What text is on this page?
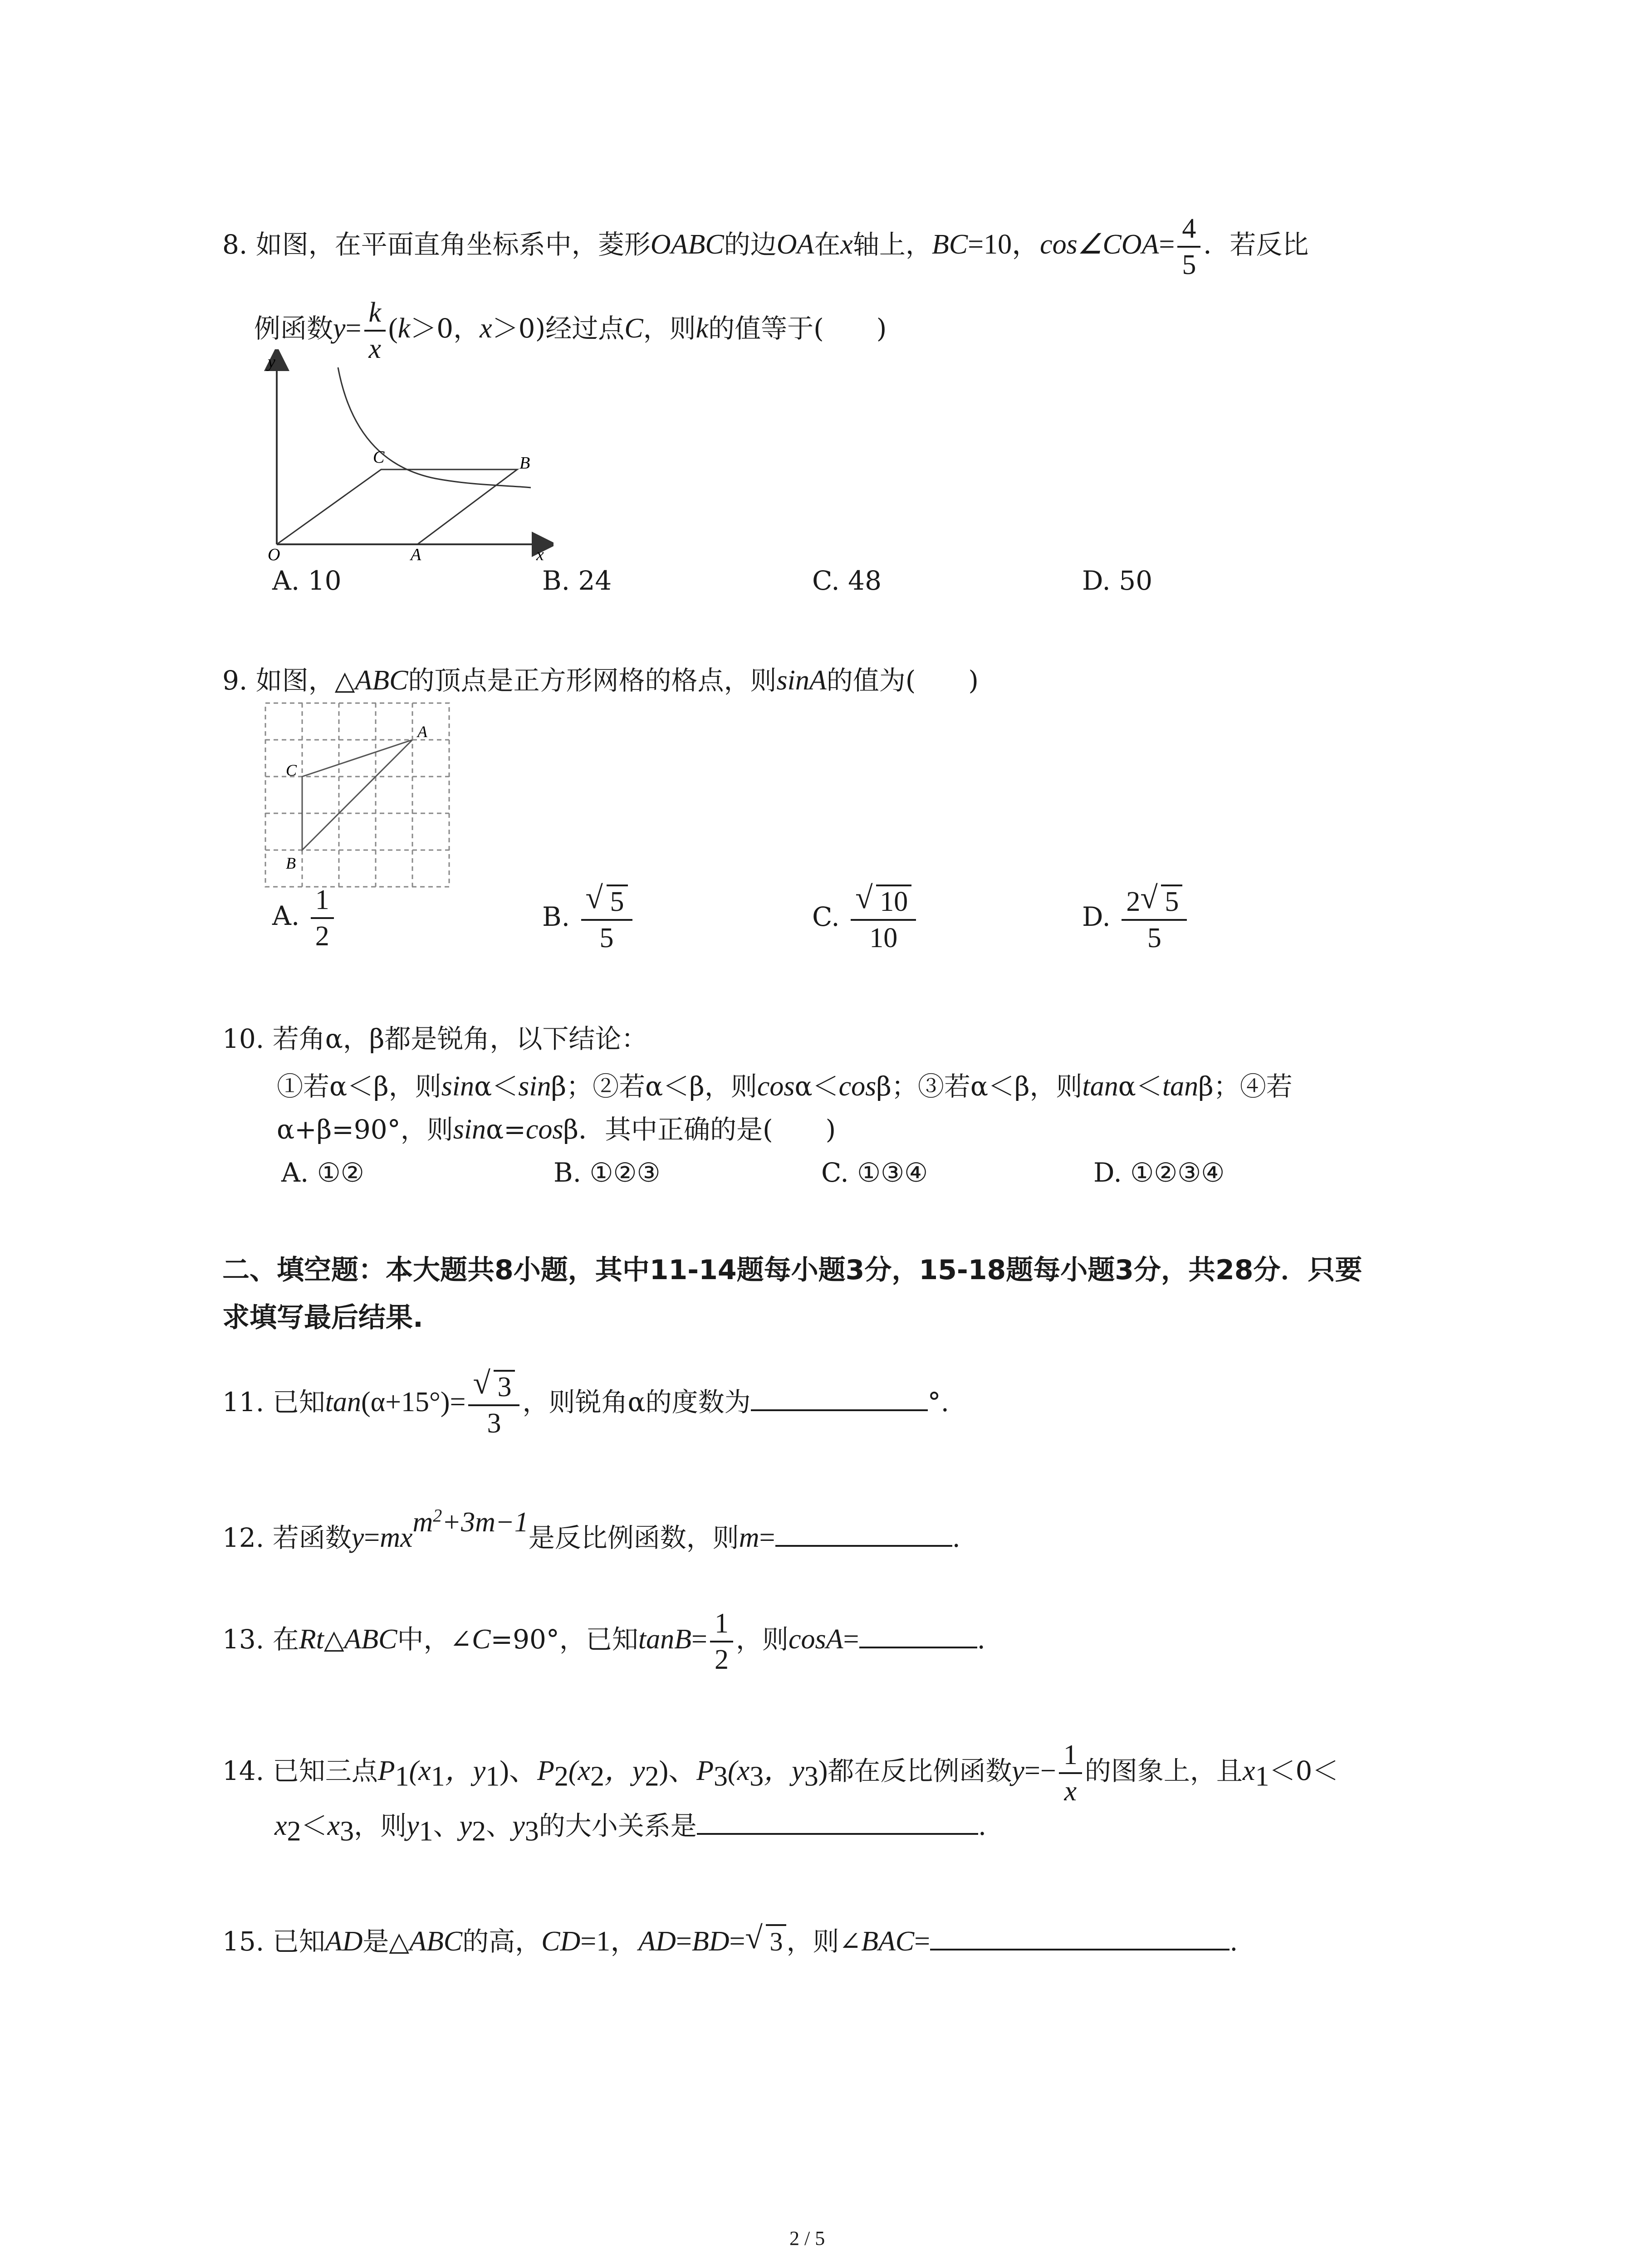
8. 如图，在平面直角坐标系中，菱形OABC的边OA在x轴上，BC=10，cos∠COA= $\frac{4}{5}$ ．若反比
例函数$y= \frac{k}{x} (k>0$，x＞0)经过点C，则k的值等于(　　)
y
C	B
O	A	x
A. 10	B. 24	C. 48	D. 50
9. 如图，△ABC的顶点是正方形网格的格点，则sinA的值为(　　)
A
C
B
A. $\frac{1}{2}$	B. $\frac{√ 5}{5}$	C. $\frac{√ 10}{10}$	D. $\frac{2 √ 5}{5}$
10. 若角α，β都是锐角，以下结论：
①若α＜β，则sinα＜sinβ；②若α＜β，则cosα＜cosβ；③若α＜β，则tanα＜tanβ；④若
α+β=90°，则sinα=cosβ．其中正确的是(　　)
A. ①②	B. ①②③	C. ①③④	D. ①②③④
二、填空题：本大题共8小题，其中11-14题每小题3分，15-18题每小题3分，共28分．只要
求填写最后结果.
11. 已知$\tan(\alpha+15^\circ)= \frac{√ 3}{3}$ ，则锐角α的度数为	°.
12. 若函数$y=mx^{m^2+3m-1}$是反比例函数，则m=	.
13. 在Rt△ABC中，∠C=90°，已知$\tan B= \frac{1}{2}$ ，则cosA=	.
14. 已知三点$P_1(x_1$，$y_1$)、$P_2(x_2$，$y_2$)、$P_3(x_3$，$y_3$)都在反比例函数$y=- \frac{1}{x}$ 的图象上，且$x_1<0<$
$x_2<x_3$，则$y_1$、$y_2$、$y_3$的大小关系是	.
15. 已知AD是△ABC的高，CD=1，AD=BD= √ 3 ，则∠BAC=	.
2 / 5
